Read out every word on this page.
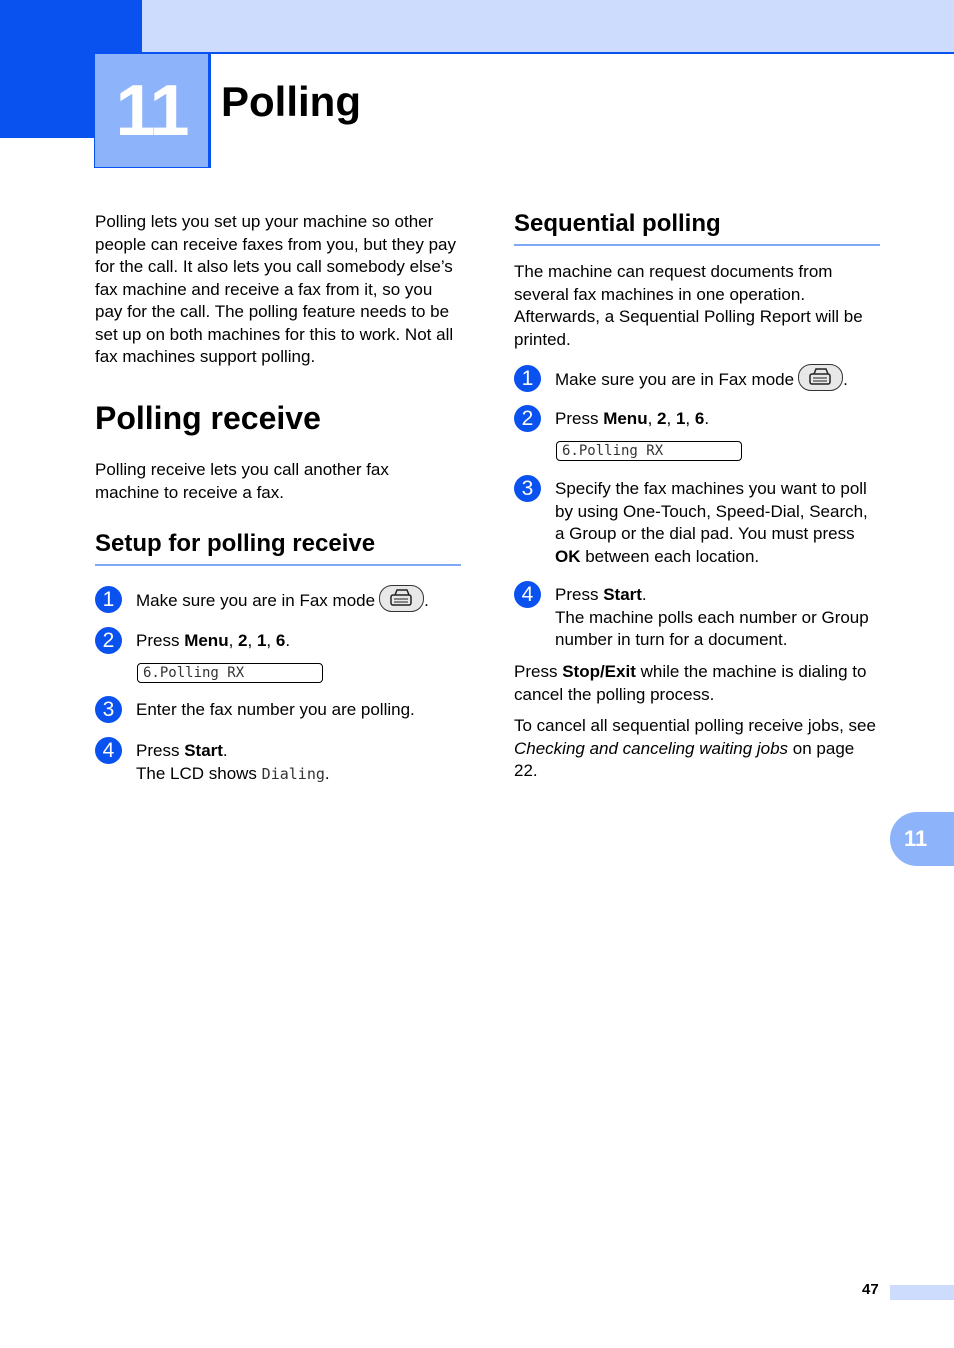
11 Polling

Polling lets you set up your machine so other people can receive faxes from you, but they pay for the call. It also lets you call somebody else’s fax machine and receive a fax from it, so you pay for the call. The polling feature needs to be set up on both machines for this to work. Not all fax machines support polling.

Polling receive

Polling receive lets you call another fax machine to receive a fax.

Setup for polling receive
1	Make sure you are in Fax mode	.
2	Press Menu, 2, 1, 6.
6.Polling RX
3	Enter the fax number you are polling.
4	Press Start.
The LCD shows Dialing.
Sequential polling

The machine can request documents from several fax machines in one operation. Afterwards, a Sequential Polling Report will be printed.

1	Make sure you are in Fax mode	.
2	Press Menu, 2, 1, 6.
6.Polling RX
3	Specify the fax machines you want to poll by using One-Touch, Speed-Dial, Search, a Group or the dial pad. You must press OK between each location.
4	Press Start.
The machine polls each number or Group number in turn for a document.

Press Stop/Exit while the machine is dialing to cancel the polling process.

To cancel all sequential polling receive jobs, see Checking and canceling waiting jobs on page 22.

11
47
